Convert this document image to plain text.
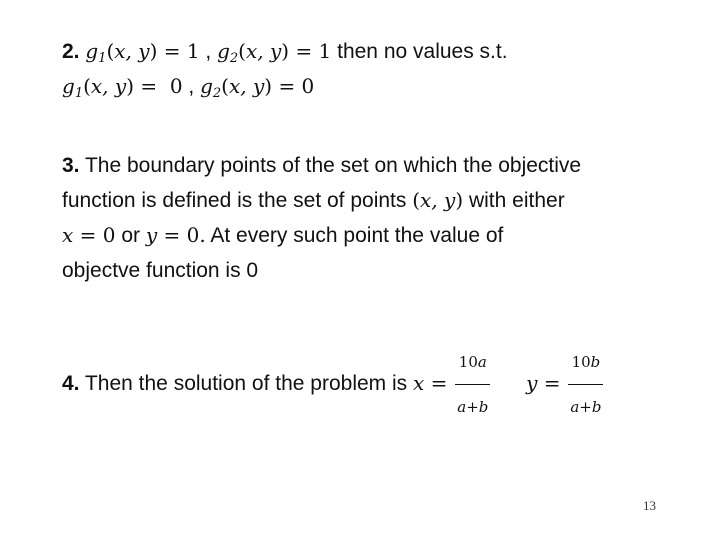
2. $g_1(x$, y) = 1 , $g_2(x$, y) = 1 then no values s.t.
$g_1(x$, y) =  0 , $g_2(x$, y) = 0
3. The boundary points of the set on which the objective
function is defined is the set of points (x, y) with either
x = 0 or y = 0. At every such point the value of
objectve function is 0
4. Then the solution of the problem is $x = \frac{10a}{a+b}$ $y = \frac{10b}{a+b}$
13
